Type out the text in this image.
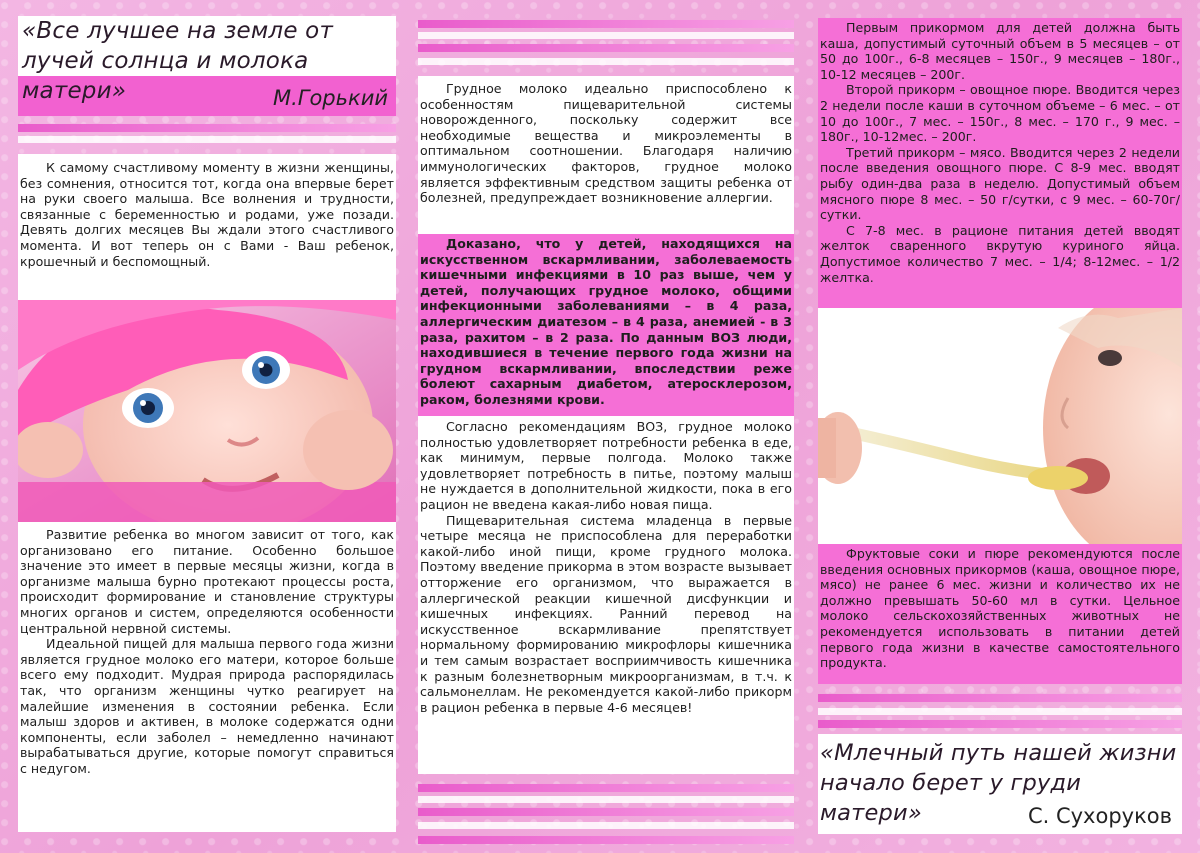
«Все лучшее на земле от лучей солнца и молока матери»	М.Горький

К самому счастливому моменту в жизни женщины, без сомнения, относится тот, когда она впервые берет на руки своего малыша. Все волнения и трудности, связанные с беременностью и родами, уже позади. Девять долгих месяцев Вы ждали этого счастливого момента. И вот теперь он с Вами - Ваш ребенок, крошечный и беспомощный.

Развитие ребенка во многом зависит от того, как организовано его питание. Особенно большое значение это имеет в первые месяцы жизни, когда в организме малыша бурно протекают процессы роста, происходит формирование и становление структуры многих органов и систем, определяются особенности центральной нервной системы.

Идеальной пищей для малыша первого года жизни является грудное молоко его матери, которое больше всего ему подходит. Мудрая природа распорядилась так, что организм женщины чутко реагирует на малейшие изменения в состоянии ребенка. Если малыш здоров и активен, в молоке содержатся одни компоненты, если заболел – немедленно начинают вырабатываться другие, которые помогут справиться с недугом.

Грудное молоко идеально приспособлено к особенностям пищеварительной системы новорожденного, поскольку содержит все необходимые вещества и микроэлементы в оптимальном соотношении. Благодаря наличию иммунологических факторов, грудное молоко является эффективным средством защиты ребенка от болезней, предупреждает возникновение аллергии.

Доказано, что у детей, находящихся на искусственном вскармливании, заболеваемость кишечными инфекциями в 10 раз выше, чем у детей, получающих грудное молоко, общими инфекционными заболеваниями – в 4 раза, аллергическим диатезом – в 4 раза, анемией - в 3 раза, рахитом – в 2 раза. По данным ВОЗ люди, находившиеся в течение первого года жизни на грудном вскармливании, впоследствии реже болеют сахарным диабетом, атеросклерозом, раком, болезнями крови.

Согласно рекомендациям ВОЗ, грудное молоко полностью удовлетворяет потребности ребенка в еде, как минимум, первые полгода. Молоко также удовлетворяет потребность в питье, поэтому малыш не нуждается в дополнительной жидкости, пока в его рацион не введена какая-либо новая пища.

Пищеварительная система младенца в первые четыре месяца не приспособлена для переработки какой-либо иной пищи, кроме грудного молока. Поэтому введение прикорма в этом возрасте вызывает отторжение его организмом, что выражается в аллергической реакции кишечной дисфункции и кишечных инфекциях. Ранний перевод на искусственное вскармливание препятствует нормальному формированию микрофлоры кишечника и тем самым возрастает восприимчивость кишечника к разным болезнетворным микроорганизмам, в т.ч. к сальмонеллам. Не рекомендуется какой-либо прикорм в рацион ребенка в первые 4-6 месяцев!

Первым прикормом для детей должна быть каша, допустимый суточный объем в 5 месяцев – от 50 до 100г., 6-8 месяцев – 150г., 9 месяцев – 180г., 10-12 месяцев – 200г.

Второй прикорм – овощное пюре. Вводится через 2 недели после каши в суточном объеме – 6 мес. – от 10 до 100г., 7 мес. – 150г., 8 мес. – 170 г., 9 мес. – 180г., 10-12мес. – 200г.

Третий прикорм – мясо. Вводится через 2 недели после введения овощного пюре. С 8-9 мес. вводят рыбу один-два раза в неделю. Допустимый объем мясного пюре 8 мес. – 50 г/сутки, с 9 мес. – 60-70г/сутки.

С 7-8 мес. в рационе питания детей вводят желток сваренного вкрутую куриного яйца. Допустимое количество 7 мес. – 1/4; 8-12мес. – 1/2 желтка.

Фруктовые соки и пюре рекомендуются после введения основных прикормов (каша, овощное пюре, мясо) не ранее 6 мес. жизни и количество их не должно превышать 50-60 мл в сутки. Цельное молоко сельскохозяйственных животных не рекомендуется использовать в питании детей первого года жизни в качестве самостоятельного продукта.

«Млечный путь нашей жизни начало берет у груди матери»	С. Сухоруков
